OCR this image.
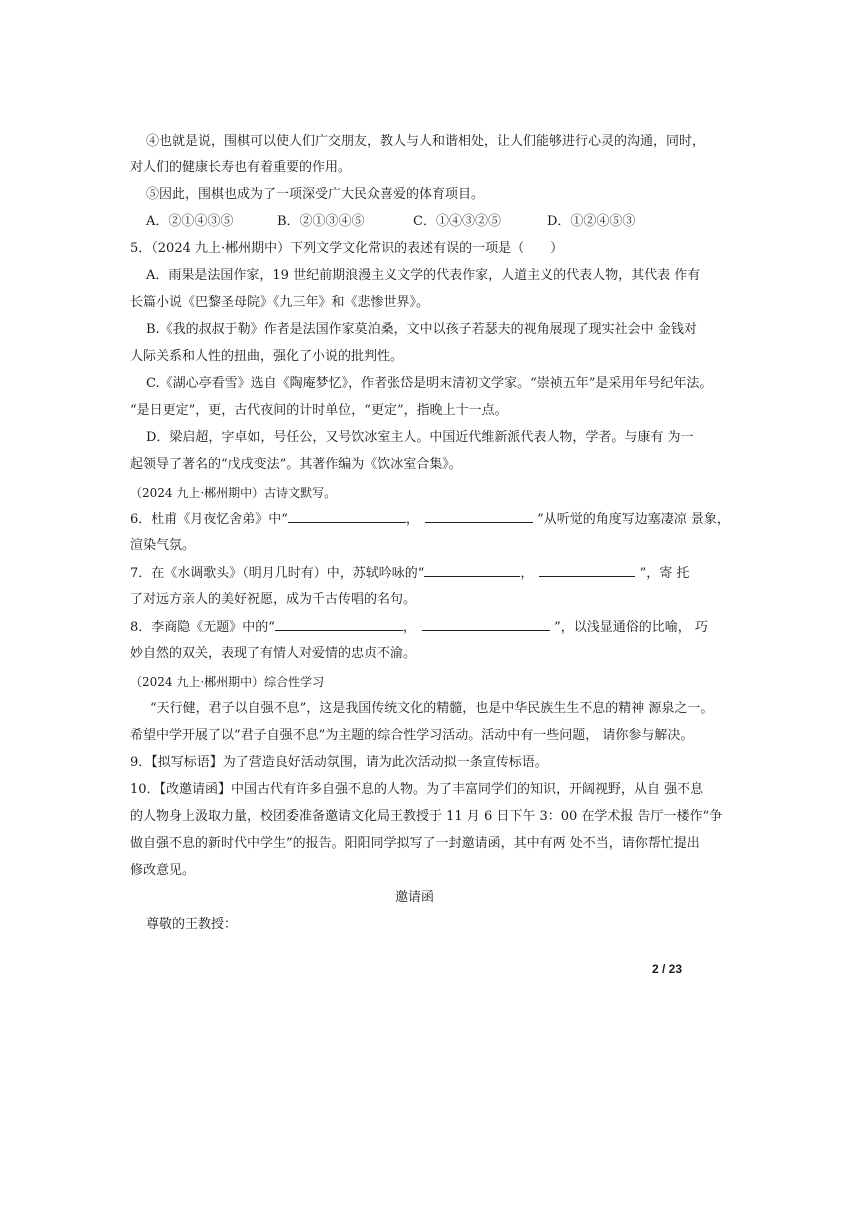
④也就是说，围棋可以使人们广交朋友，教人与人和谐相处，让人们能够进行心灵的沟通，同时，
对人们的健康长寿也有着重要的作用。
⑤因此，围棋也成为了一项深受广大民众喜爱的体育项目。
A．②①④③⑤	B．②①③④⑤	C．①④③②⑤	D．①②④⑤③
5．（2024 九上·郴州期中）下列文学文化常识的表述有误的一项是（　　）
A．雨果是法国作家，19 世纪前期浪漫主义文学的代表作家，人道主义的代表人物，其代表 作有
长篇小说《巴黎圣母院》《九三年》和《悲惨世界》。
B.《我的叔叔于勒》作者是法国作家莫泊桑，文中以孩子若瑟夫的视角展现了现实社会中 金钱对
人际关系和人性的扭曲，强化了小说的批判性。
C.《湖心亭看雪》选自《陶庵梦忆》，作者张岱是明末清初文学家。“崇祯五年”是采用年号纪年法。
“是日更定”，更，古代夜间的计时单位，“更定”，指晚上十一点。
D．梁启超，字卓如，号任公，又号饮冰室主人。中国近代维新派代表人物，学者。与康有 为一
起领导了著名的“戊戌变法”。其著作编为《饮冰室合集》。
（2024 九上·郴州期中）古诗文默写。
6．杜甫《月夜忆舍弟》中“	，	”从听觉的角度写边塞凄凉 景象，
渲染气氛。
7．在《水调歌头》（明月几时有）中，苏轼吟咏的“	，	”，寄 托
了对远方亲人的美好祝愿，成为千古传唱的名句。
8．李商隐《无题》中的“	，	”，以浅显通俗的比喻， 巧
妙自然的双关，表现了有情人对爱情的忠贞不渝。
（2024 九上·郴州期中）综合性学习
“天行健，君子以自强不息”，这是我国传统文化的精髓，也是中华民族生生不息的精神 源泉之一。
希望中学开展了以“君子自强不息”为主题的综合性学习活动。活动中有一些问题， 请你参与解决。
9．【拟写标语】为了营造良好活动氛围，请为此次活动拟一条宣传标语。
10．【改邀请函】中国古代有许多自强不息的人物。为了丰富同学们的知识，开阔视野，从自 强不息
的人物身上汲取力量，校团委准备邀请文化局王教授于 11 月 6 日下午 3：00 在学术报 告厅一楼作“争
做自强不息的新时代中学生”的报告。阳阳同学拟写了一封邀请函，其中有两 处不当，请你帮忙提出
修改意见。
邀请函
尊敬的王教授：
2 / 23
